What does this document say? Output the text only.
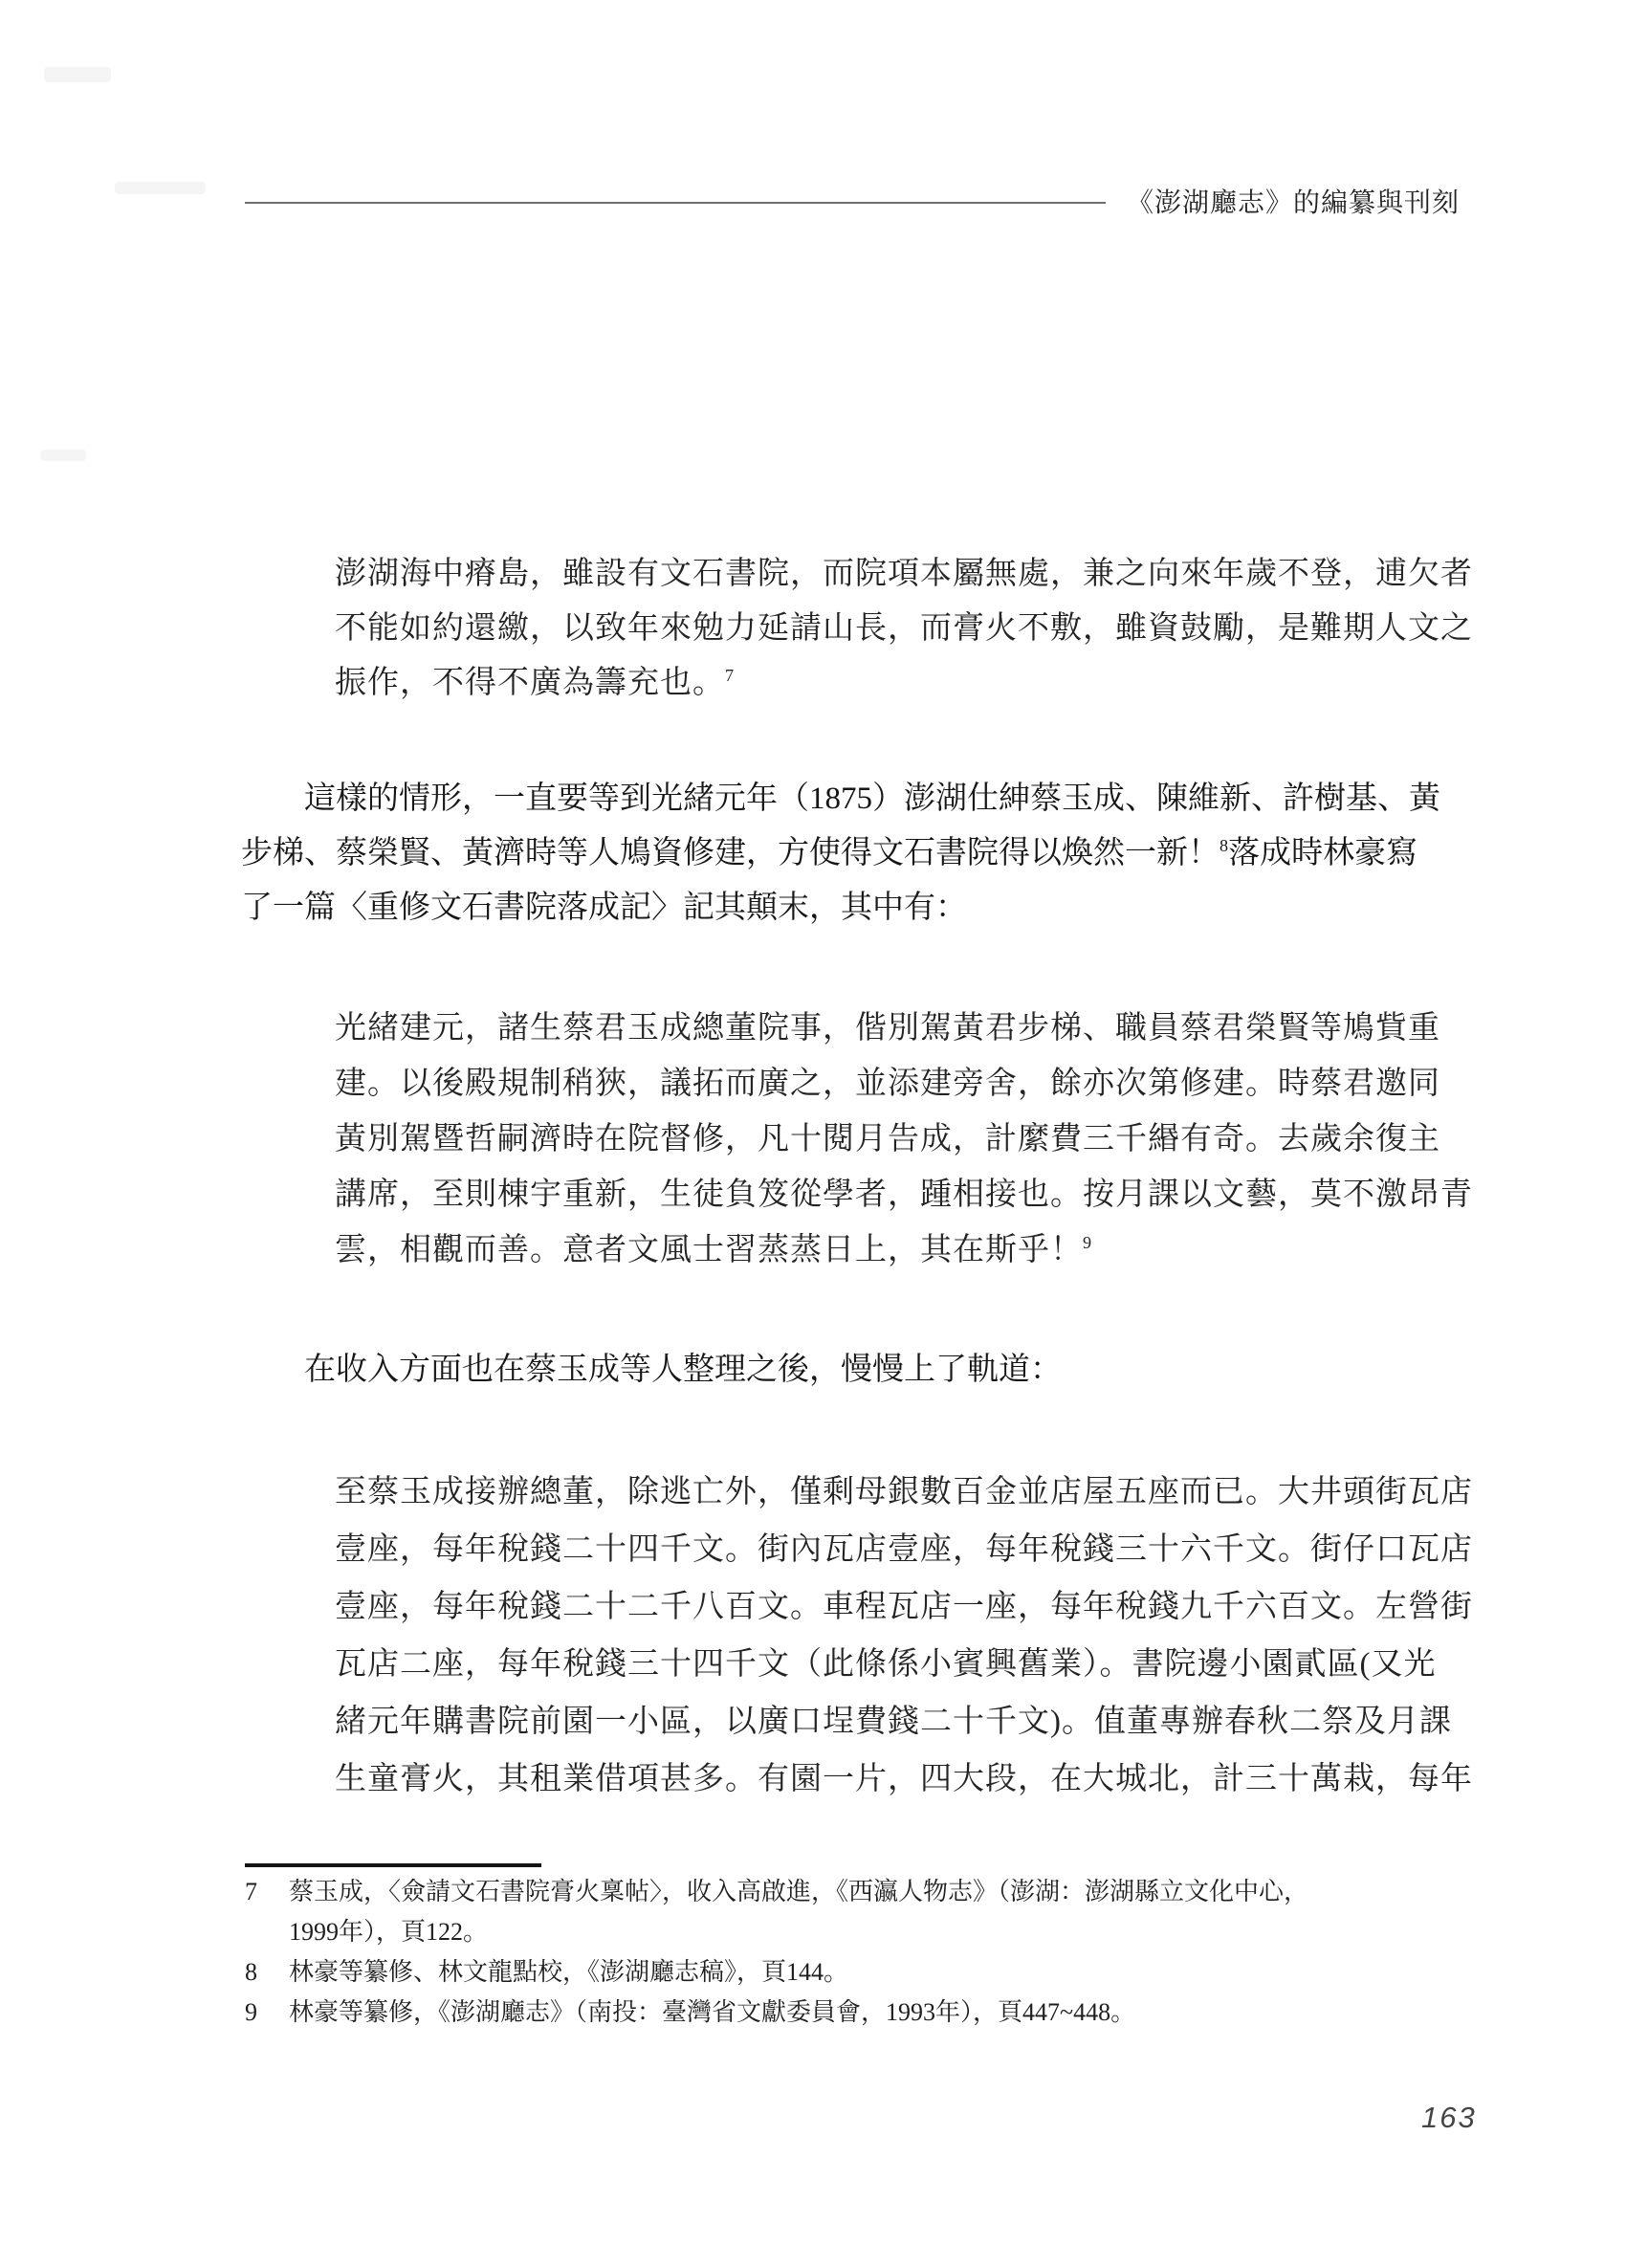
《澎湖廳志》的編纂與刊刻
澎湖海中瘠島，雖設有文石書院，而院項本屬無處，兼之向來年歲不登，逋欠者
不能如約還繳，以致年來勉力延請山長，而膏火不敷，雖資鼓勵，是難期人文之
振作，不得不廣為籌充也。$^7$
這樣的情形，一直要等到光緒元年（1875）澎湖仕紳蔡玉成、陳維新、許樹基、黃
步梯、蔡榮賢、黃濟時等人鳩資修建，方使得文石書院得以煥然一新！$^8$落成時林豪寫
了一篇〈重修文石書院落成記〉記其顛末，其中有：
光緒建元，諸生蔡君玉成總董院事，偕別駕黃君步梯、職員蔡君榮賢等鳩貲重
建。以後殿規制稍狹，議拓而廣之，並添建旁舍，餘亦次第修建。時蔡君邀同
黃別駕暨哲嗣濟時在院督修，凡十閱月告成，計縻費三千緡有奇。去歲余復主
講席，至則棟宇重新，生徒負笈從學者，踵相接也。按月課以文藝，莫不激昂青
雲，相觀而善。意者文風士習蒸蒸日上，其在斯乎！$^9$
在收入方面也在蔡玉成等人整理之後，慢慢上了軌道：
至蔡玉成接辦總董，除逃亡外，僅剩母銀數百金並店屋五座而已。大井頭街瓦店
壹座，每年稅錢二十四千文。街內瓦店壹座，每年稅錢三十六千文。街仔口瓦店
壹座，每年稅錢二十二千八百文。車程瓦店一座，每年稅錢九千六百文。左營街
瓦店二座，每年稅錢三十四千文（此條係小賓興舊業）。書院邊小園貳區(又光
緒元年購書院前園一小區，以廣口埕費錢二十千文)。值董專辦春秋二祭及月課
生童膏火，其租業借項甚多。有園一片，四大段，在大城北，計三十萬栽，每年
7 蔡玉成，〈僉請文石書院膏火稟帖〉，收入高啟進，《西瀛人物志》（澎湖：澎湖縣立文化中心，
1999年），頁122。
8 林豪等纂修、林文龍點校，《澎湖廳志稿》，頁144。
9 林豪等纂修，《澎湖廳志》（南投：臺灣省文獻委員會，1993年），頁447~448。
163
